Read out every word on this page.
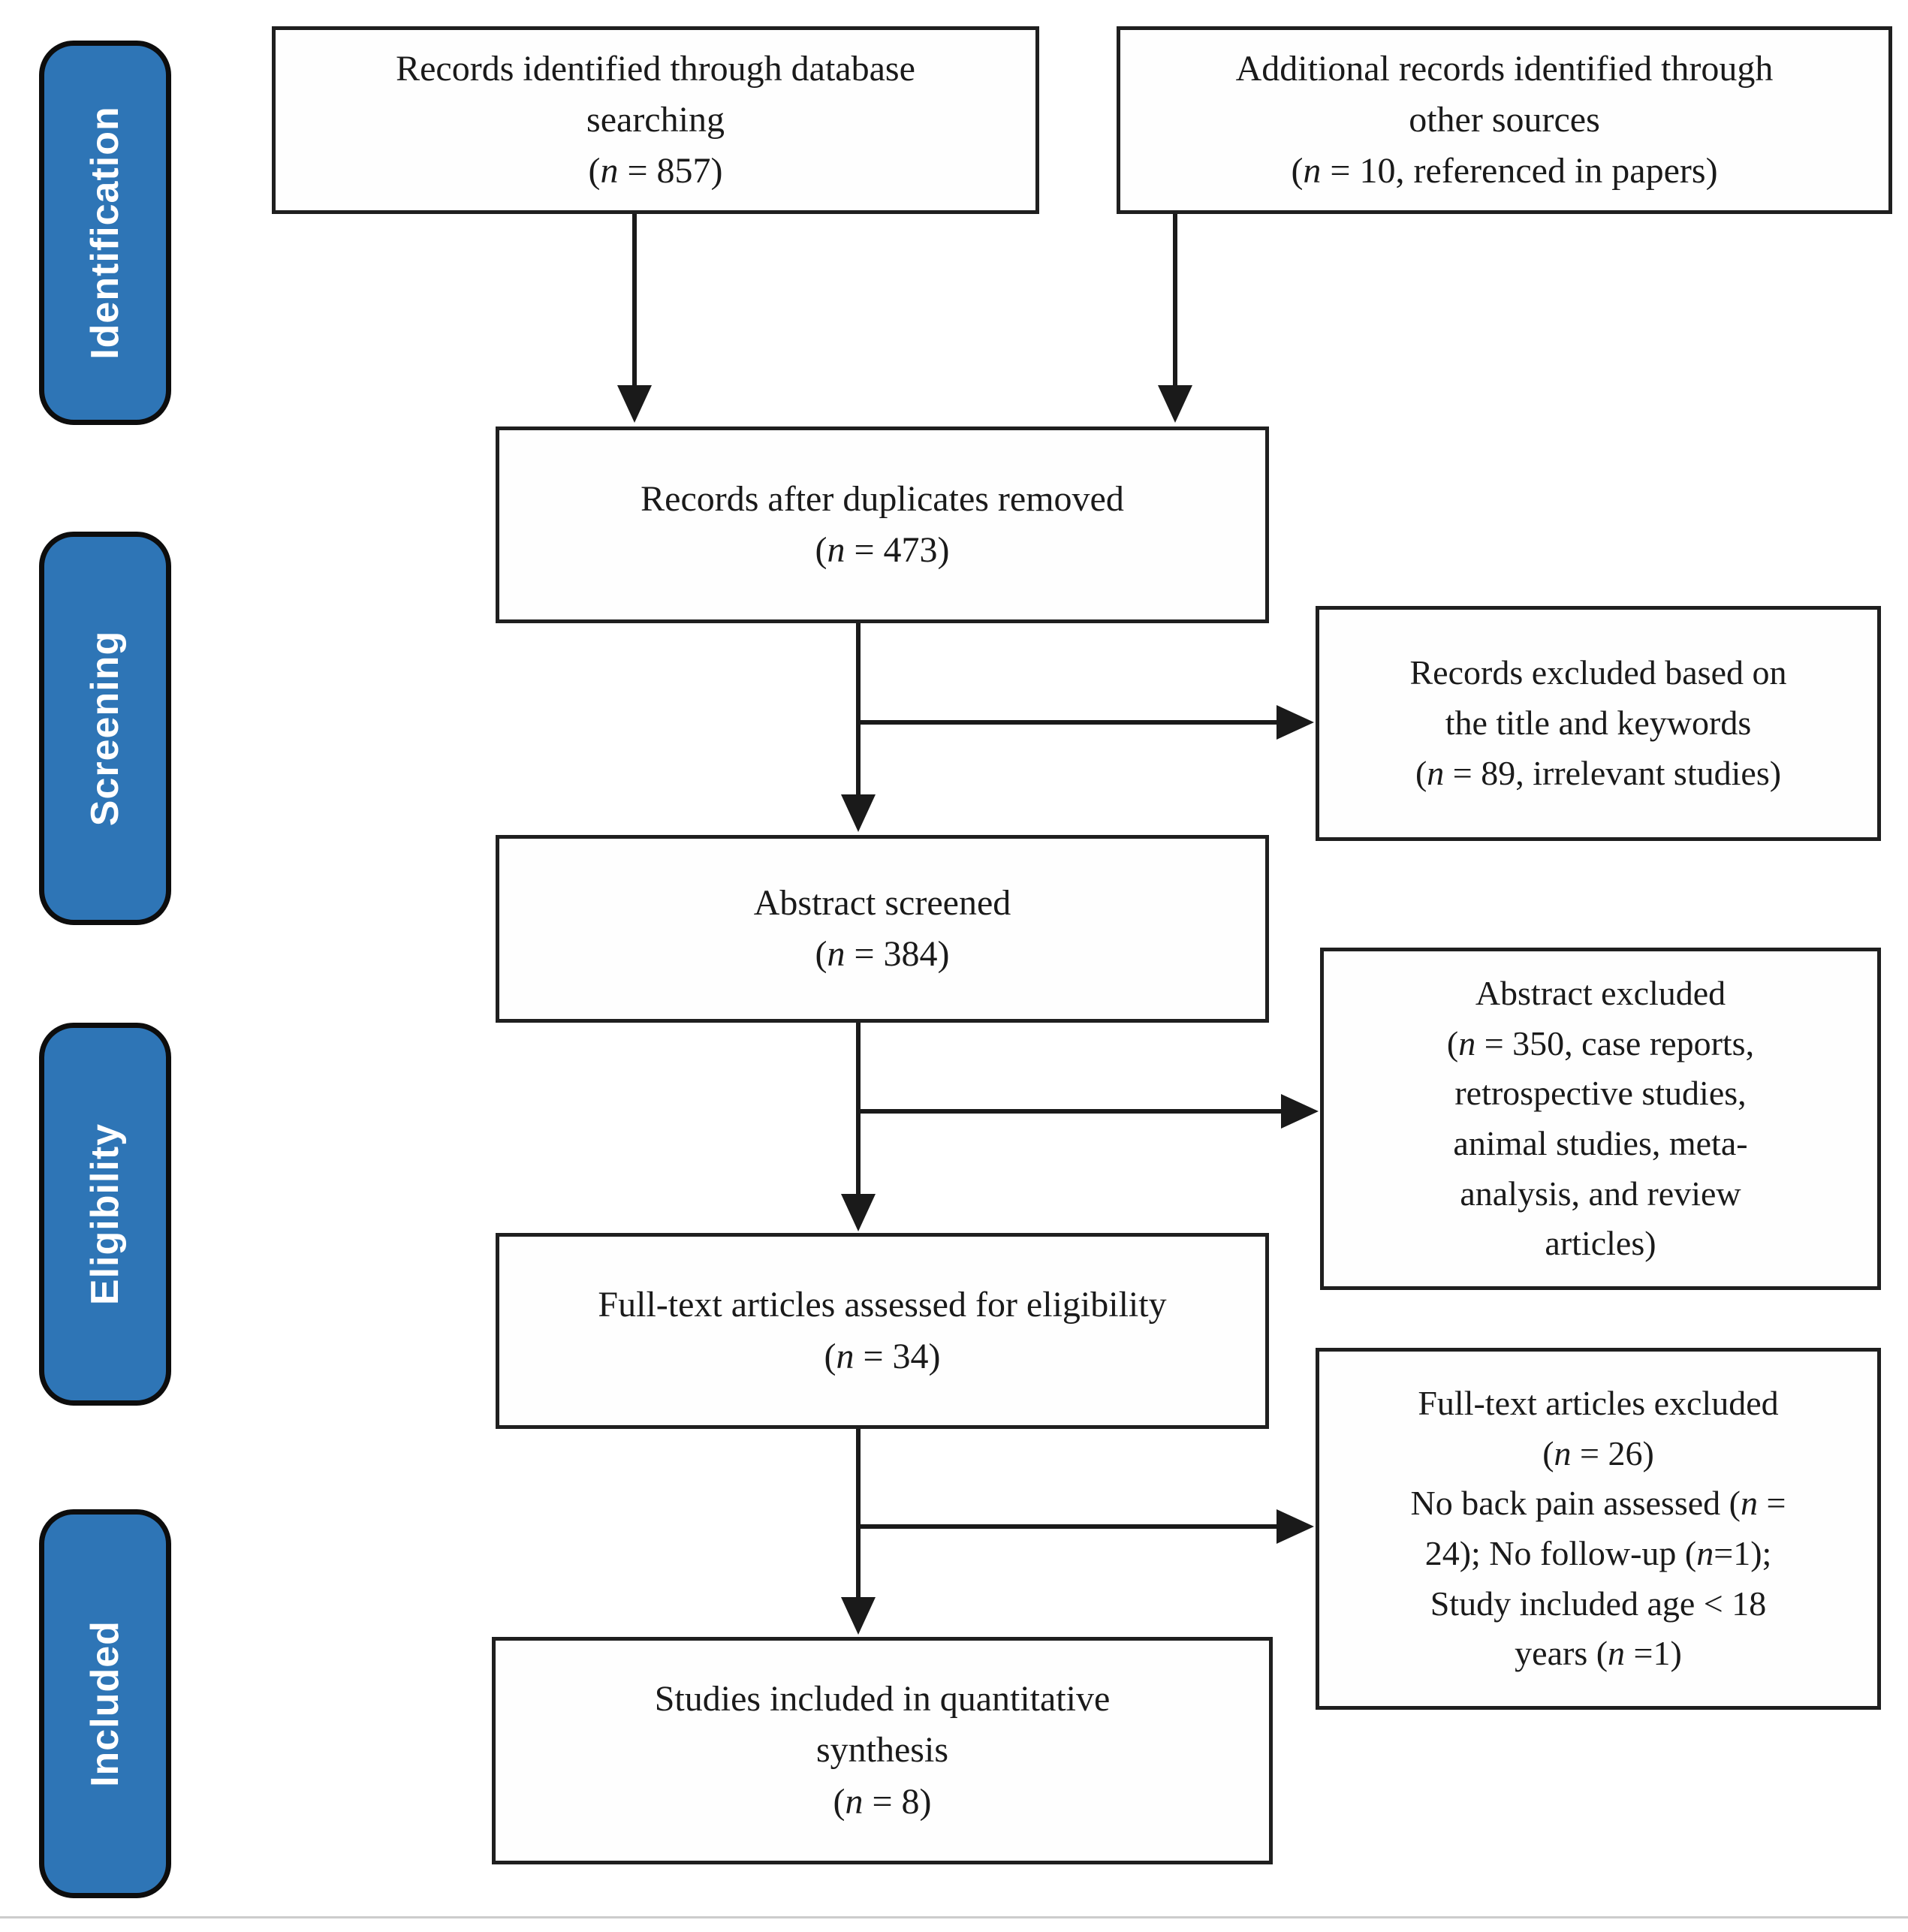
Identification
Screening
Eligibility
Included
Records identified through database
searching
(n = 857)
Additional records identified through
other sources
(n = 10, referenced in papers)
Records after duplicates removed
(n = 473)
Abstract screened
(n = 384)
Full-text articles assessed for eligibility
(n = 34)
Studies included in quantitative
synthesis
(n = 8)
Records excluded based on
the title and keywords
(n = 89, irrelevant studies)
Abstract excluded
(n = 350, case reports,
retrospective studies,
animal studies, meta-
analysis, and review
articles)
Full-text articles excluded
(n = 26)
No back pain assessed (n =
24); No follow-up (n=1);
Study included age < 18
years (n =1)
